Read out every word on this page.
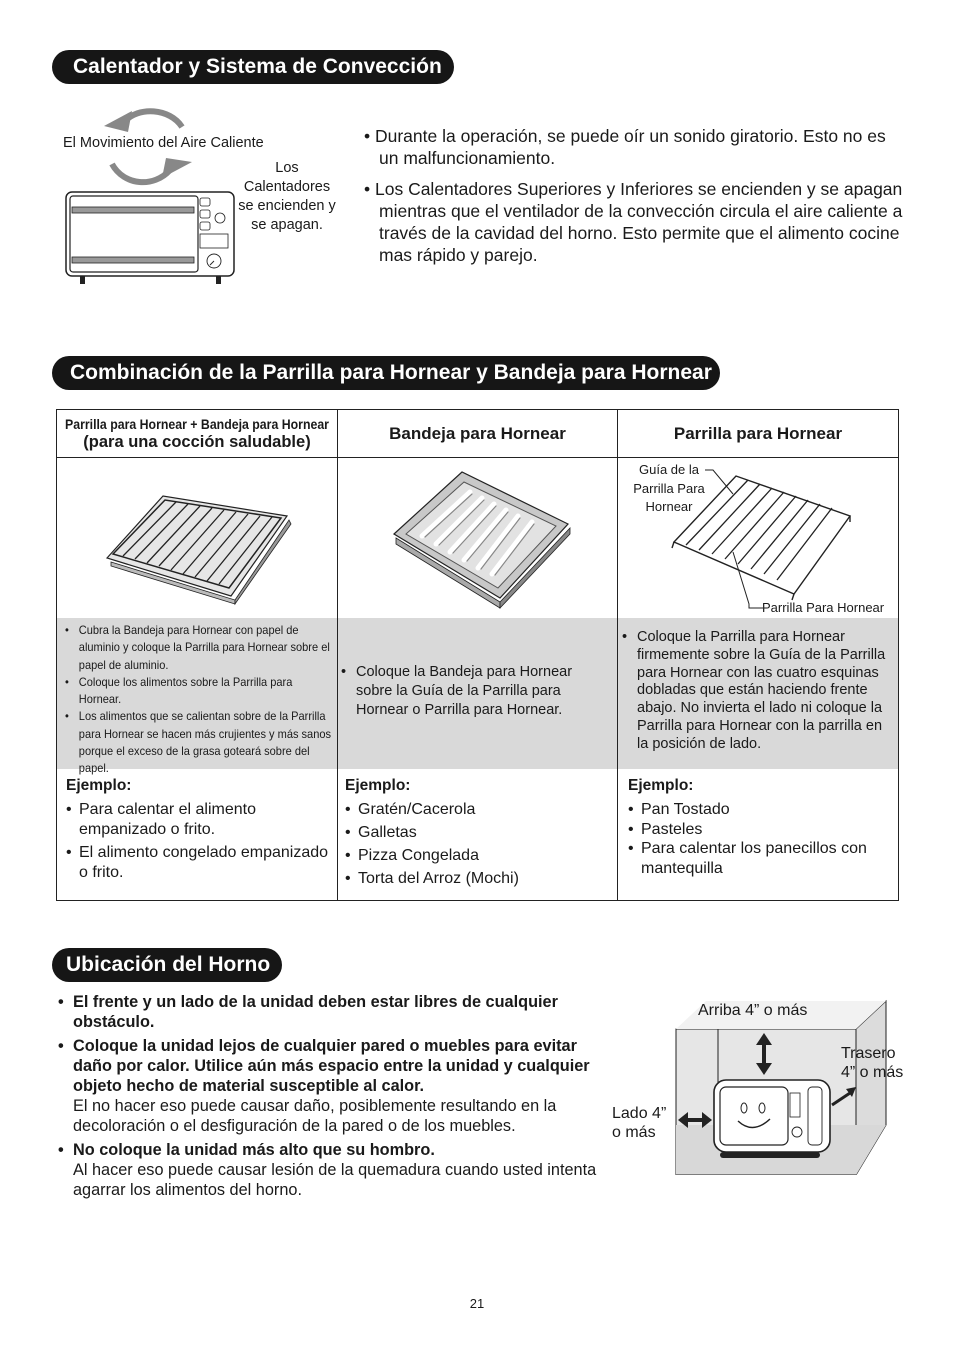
Calentador y Sistema de Convección
El Movimiento del Aire Caliente
Los Calentadores se encienden y se apagan.
• Durante la operación, se puede oír un sonido giratorio. Esto no es un malfuncionamiento.
• Los Calentadores Superiores y Inferiores se encienden y se apagan mientras que el ventilador de la convección circula el aire caliente a través de la cavidad del horno. Esto permite que el alimento cocine mas rápido y parejo.
Combinación de la Parrilla para Hornear y Bandeja para Hornear
Parrilla para Hornear + Bandeja para Hornear
(para una cocción saludable)	Bandeja para Hornear	Parrilla para Hornear
Guía de la Parrilla Para Hornear
Parrilla Para Hornear
• Cubra la Bandeja para Hornear con papel de aluminio y coloque la Parrilla para Hornear sobre el papel de aluminio.
• Coloque los alimentos sobre la Parrilla para Hornear.
• Los alimentos que se calientan sobre de la Parrilla para Hornear se hacen más crujientes y más sanos porque el exceso de la grasa goteará sobre del papel.
• Coloque la Bandeja para Hornear sobre la Guía de la Parrilla para Hornear o Parrilla para Hornear.
• Coloque la Parrilla para Hornear firmemente sobre la Guía de la Parrilla para Hornear con las cuatro esquinas dobladas que están haciendo frente abajo. No invierta el lado ni coloque la Parrilla para Hornear con la parrilla en la posición de lado.
Ejemplo:
• Para calentar el alimento empanizado o frito.
• El alimento congelado empanizado o frito.
Ejemplo:
• Gratén/Cacerola
• Galletas
• Pizza Congelada
• Torta del Arroz (Mochi)
Ejemplo:
• Pan Tostado
• Pasteles
• Para calentar los panecillos con mantequilla
Ubicación del Horno
• El frente y un lado de la unidad deben estar libres de cualquier obstáculo.
• Coloque la unidad lejos de cualquier pared o muebles para evitar daño por calor. Utilice aún más espacio entre la unidad y cualquier objeto hecho de material susceptible al calor.
El no hacer eso puede causar daño, posiblemente resultando en la decoloración o el desfiguración de la pared o de los muebles.
• No coloque la unidad más alto que su hombro.
Al hacer eso puede causar lesión de la quemadura cuando usted intenta agarrar los alimentos del horno.
Arriba 4” o más
Trasero 4” o más
Lado 4” o más
21
